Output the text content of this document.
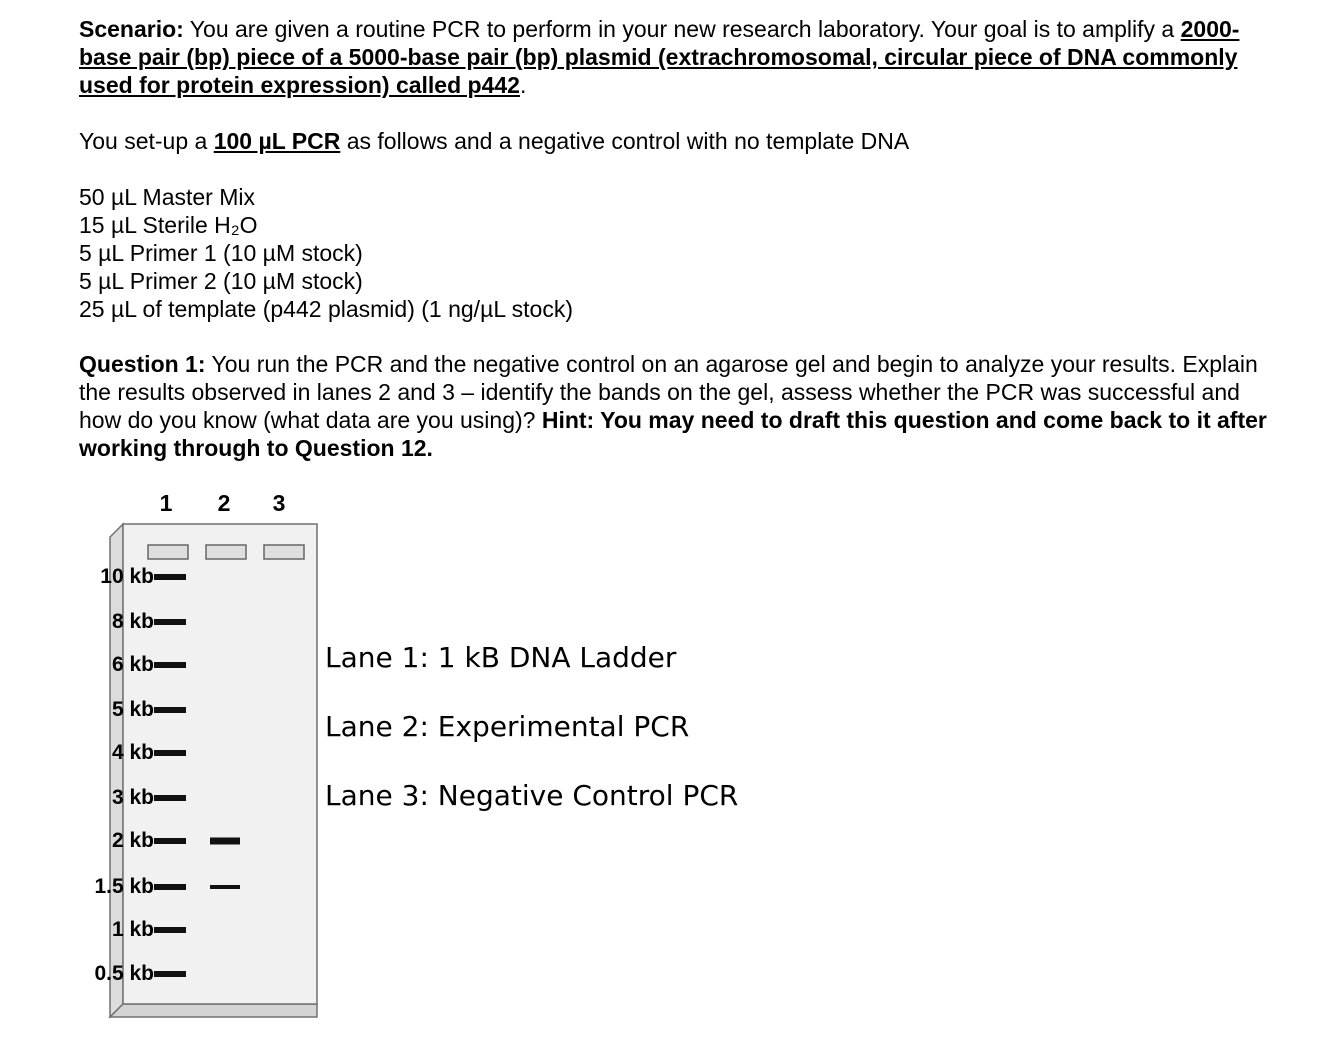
Scenario: You are given a routine PCR to perform in your new research laboratory. Your goal is to amplify a 2000-base pair (bp) piece of a 5000-base pair (bp) plasmid (extrachromosomal, circular piece of DNA commonly used for protein expression) called p442.
You set-up a 100 µL PCR as follows and a negative control with no template DNA
50 µL Master Mix
15 µL Sterile H₂O
5 µL Primer 1 (10 µM stock)
5 µL Primer 2 (10 µM stock)
25 µL of template (p442 plasmid) (1 ng/µL stock)
Question 1: You run the PCR and the negative control on an agarose gel and begin to analyze your results. Explain the results observed in lanes 2 and 3 – identify the bands on the gel, assess whether the PCR was successful and how do you know (what data are you using)? Hint: You may need to draft this question and come back to it after working through to Question 12.
1 2 3
10 kb
8 kb
6 kb
5 kb
4 kb
3 kb
2 kb
1.5 kb
1 kb
0.5 kb
Lane 1: 1 kB DNA Ladder
Lane 2: Experimental PCR
Lane 3: Negative Control PCR
